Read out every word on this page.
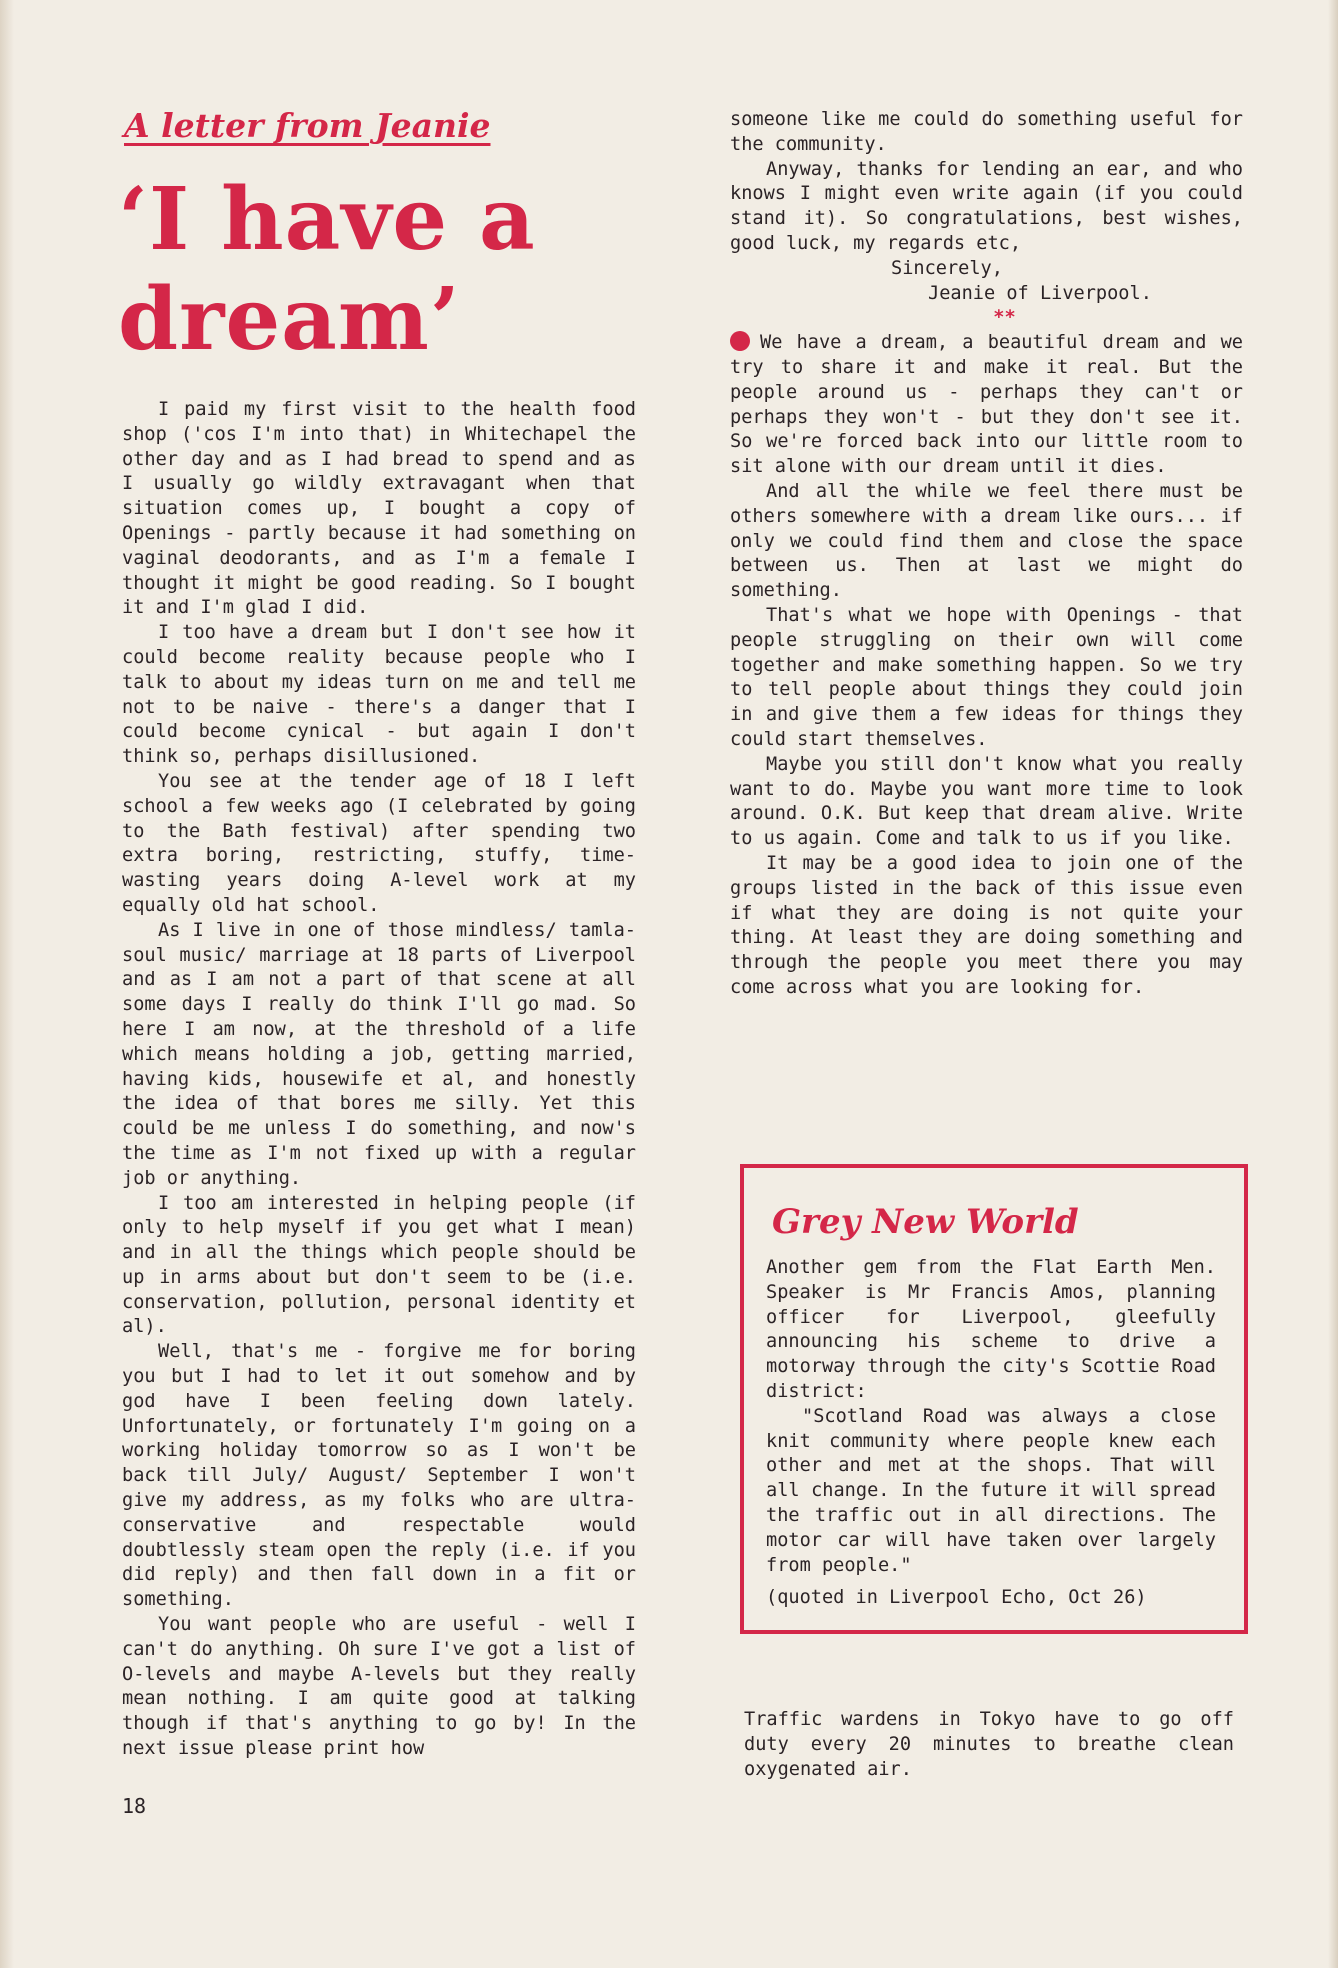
A letter from Jeanie
‘I have a dream’

I paid my first visit to the health food shop ('cos I'm into that) in Whitechapel the other day and as I had bread to spend and as I usually go wildly extravagant when that situation comes up, I bought a copy of Openings - partly because it had something on vaginal deodorants, and as I'm a female I thought it might be good reading. So I bought it and I'm glad I did.

I too have a dream but I don't see how it could become reality because people who I talk to about my ideas turn on me and tell me not to be naive - there's a danger that I could become cynical - but again I don't think so, perhaps disillusioned.

You see at the tender age of 18 I left school a few weeks ago (I celebrated by going to the Bath festival) after spending two extra boring, restricting, stuffy, time-wasting years doing A-level work at my equally old hat school.

As I live in one of those mindless/ tamla-soul music/ marriage at 18 parts of Liverpool and as I am not a part of that scene at all some days I really do think I'll go mad. So here I am now, at the threshold of a life which means holding a job, getting married, having kids, housewife et al, and honestly the idea of that bores me silly. Yet this could be me unless I do something, and now's the time as I'm not fixed up with a regular job or anything.

I too am interested in helping people (if only to help myself if you get what I mean) and in all the things which people should be up in arms about but don't seem to be (i.e. conservation, pollution, personal identity et al).

Well, that's me - forgive me for boring you but I had to let it out somehow and by god have I been feeling down lately. Unfortunately, or fortunately I'm going on a working holiday tomorrow so as I won't be back till July/ August/ September I won't give my address, as my folks who are ultra-conservative and respectable would doubtlessly steam open the reply (i.e. if you did reply) and then fall down in a fit or something.

You want people who are useful - well I can't do anything. Oh sure I've got a list of O-levels and maybe A-levels but they really mean nothing. I am quite good at talking though if that's anything to go by! In the next issue please print how

18

someone like me could do something useful for the community.

Anyway, thanks for lending an ear, and who knows I might even write again (if you could stand it). So congratulations, best wishes, good luck, my regards etc,

Sincerely,

Jeanie of Liverpool.

**

We have a dream, a beautiful dream and we try to share it and make it real. But the people around us - perhaps they can't or perhaps they won't - but they don't see it. So we're forced back into our little room to sit alone with our dream until it dies.

And all the while we feel there must be others somewhere with a dream like ours... if only we could find them and close the space between us. Then at last we might do something.

That's what we hope with Openings - that people struggling on their own will come together and make something happen. So we try to tell people about things they could join in and give them a few ideas for things they could start themselves.

Maybe you still don't know what you really want to do. Maybe you want more time to look around. O.K. But keep that dream alive. Write to us again. Come and talk to us if you like.

It may be a good idea to join one of the groups listed in the back of this issue even if what they are doing is not quite your thing. At least they are doing something and through the people you meet there you may come across what you are looking for.

Grey New World

Another gem from the Flat Earth Men. Speaker is Mr Francis Amos, planning officer for Liverpool, gleefully announcing his scheme to drive a motorway through the city's Scottie Road district:

"Scotland Road was always a close knit community where people knew each other and met at the shops. That will all change. In the future it will spread the traffic out in all directions. The motor car will have taken over largely from people."

(quoted in Liverpool Echo, Oct 26)

Traffic wardens in Tokyo have to go off duty every 20 minutes to breathe clean oxygenated air.
